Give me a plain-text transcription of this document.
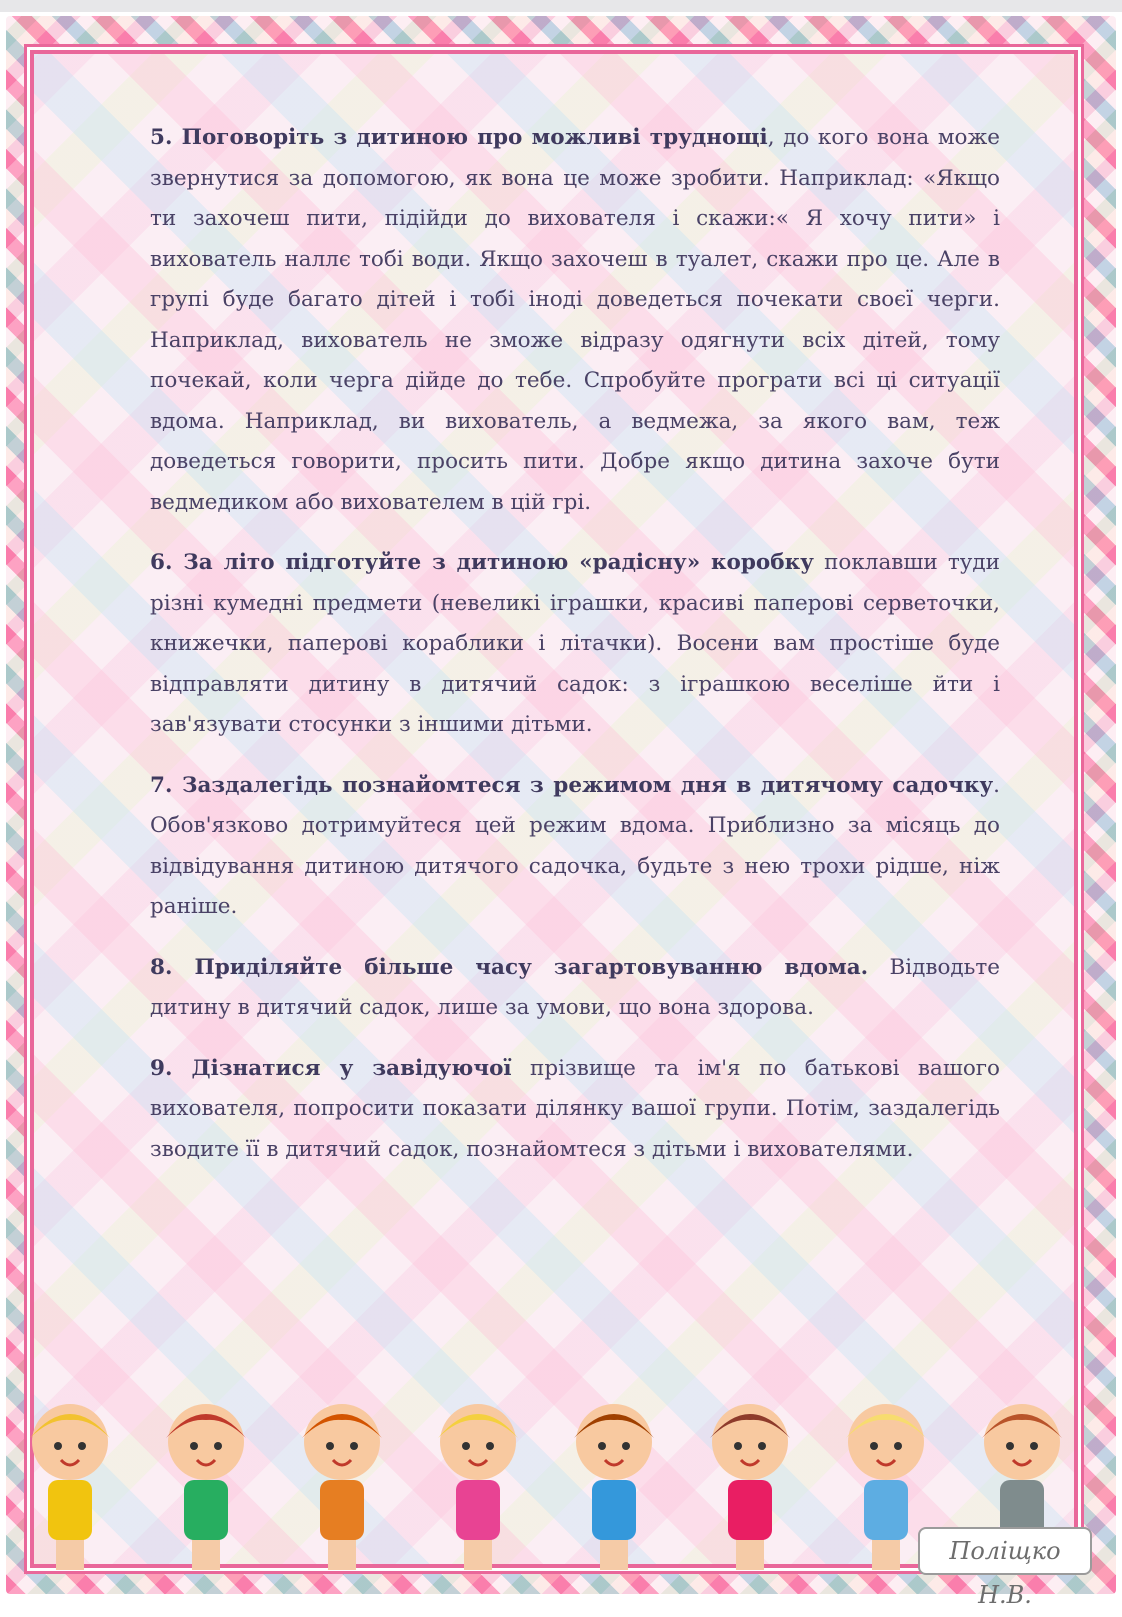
5. Поговоріть з дитиною про можливі труднощі, до кого вона може звернутися за допомогою, як вона це може зробити. Наприклад: «Якщо ти захочеш пити, підійди до вихователя і скажи:« Я хочу пити» і вихователь наллє тобі води. Якщо захочеш в туалет, скажи про це. Але в групі буде багато дітей і тобі іноді доведеться почекати своєї черги. Наприклад, вихователь не зможе відразу одягнути всіх дітей, тому почекай, коли черга дійде до тебе. Спробуйте програти всі ці ситуації вдома. Наприклад, ви вихователь, а ведмежа, за якого вам, теж доведеться говорити, просить пити. Добре якщо дитина захоче бути ведмедиком або вихователем в цій грі.

6. За літо підготуйте з дитиною «радісну» коробку поклавши туди різні кумедні предмети (невеликі іграшки, красиві паперові серветочки, книжечки, паперові кораблики і літачки). Восени вам простіше буде відправляти дитину в дитячий садок: з іграшкою веселіше йти і зав'язувати стосунки з іншими дітьми.

7. Заздалегідь познайомтеся з режимом дня в дитячому садочку. Обов'язково дотримуйтеся цей режим вдома. Приблизно за місяць до відвідування дитиною дитячого садочка, будьте з нею трохи рідше, ніж раніше.

8. Приділяйте більше часу загартовуванню вдома. Відводьте дитину в дитячий садок, лише за умови, що вона здорова.

9. Дізнатися у завідуючої прізвище та ім'я по батькові вашого вихователя, попросити показати ділянку вашої групи. Потім, заздалегідь зводите її в дитячий садок, познайомтеся з дітьми і вихователями.

Поліщко Н.В.
